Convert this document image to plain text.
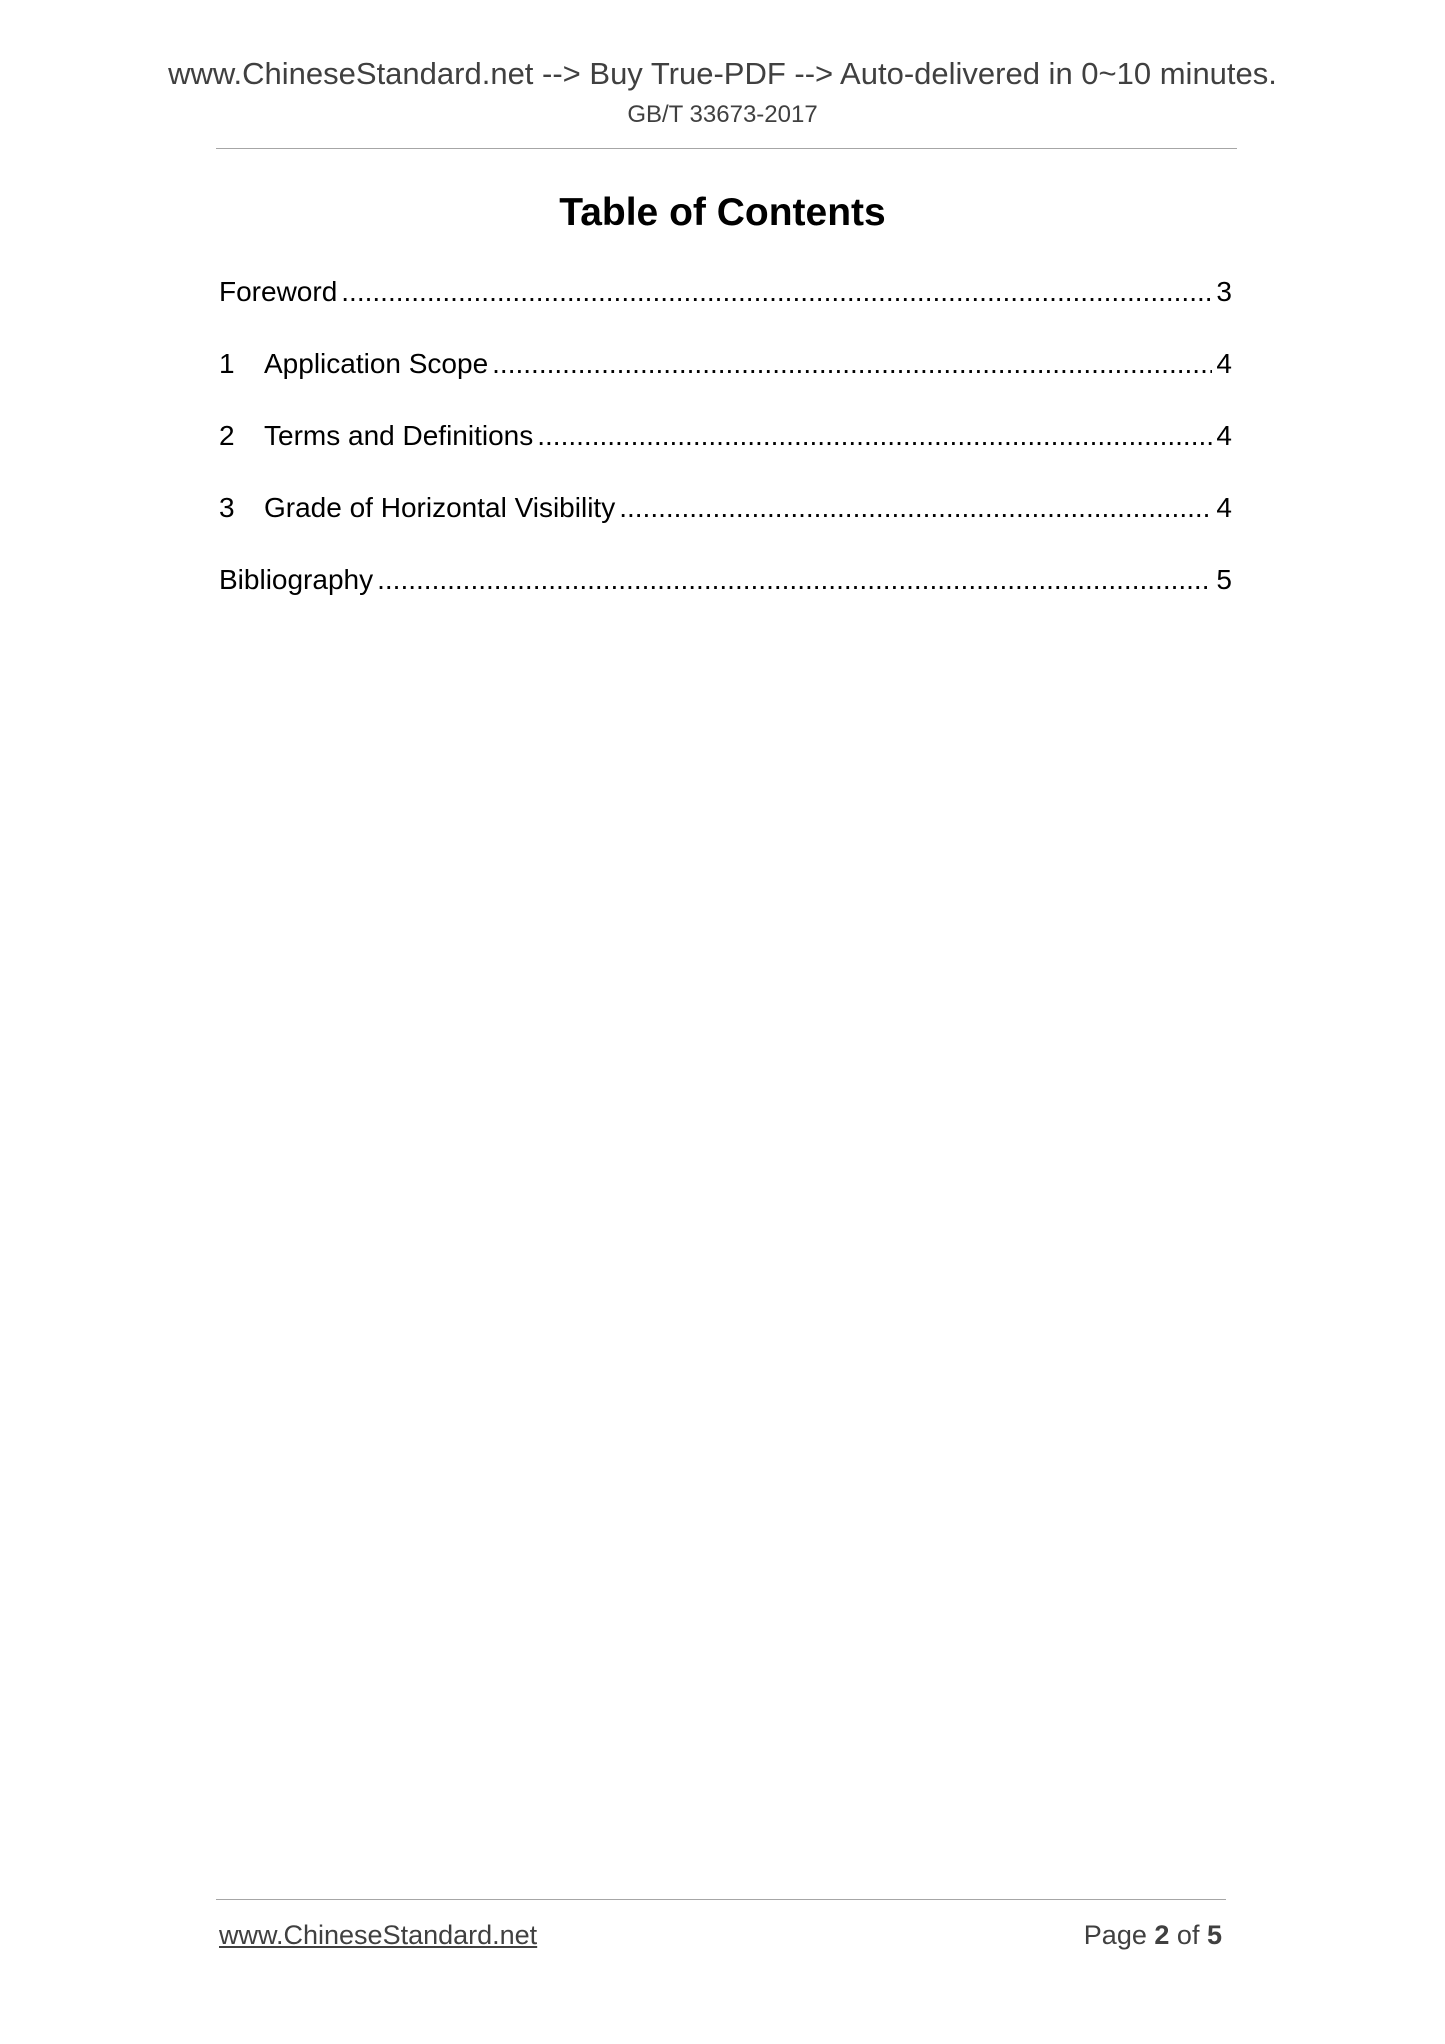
www.ChineseStandard.net --> Buy True-PDF --> Auto-delivered in 0~10 minutes.
GB/T 33673-2017
Table of Contents
Foreword .....	3
1	Application Scope .....	4
2	Terms and Definitions .....	4
3	Grade of Horizontal Visibility .....	4
Bibliography .....	5
www.ChineseStandard.net	Page 2 of 5
